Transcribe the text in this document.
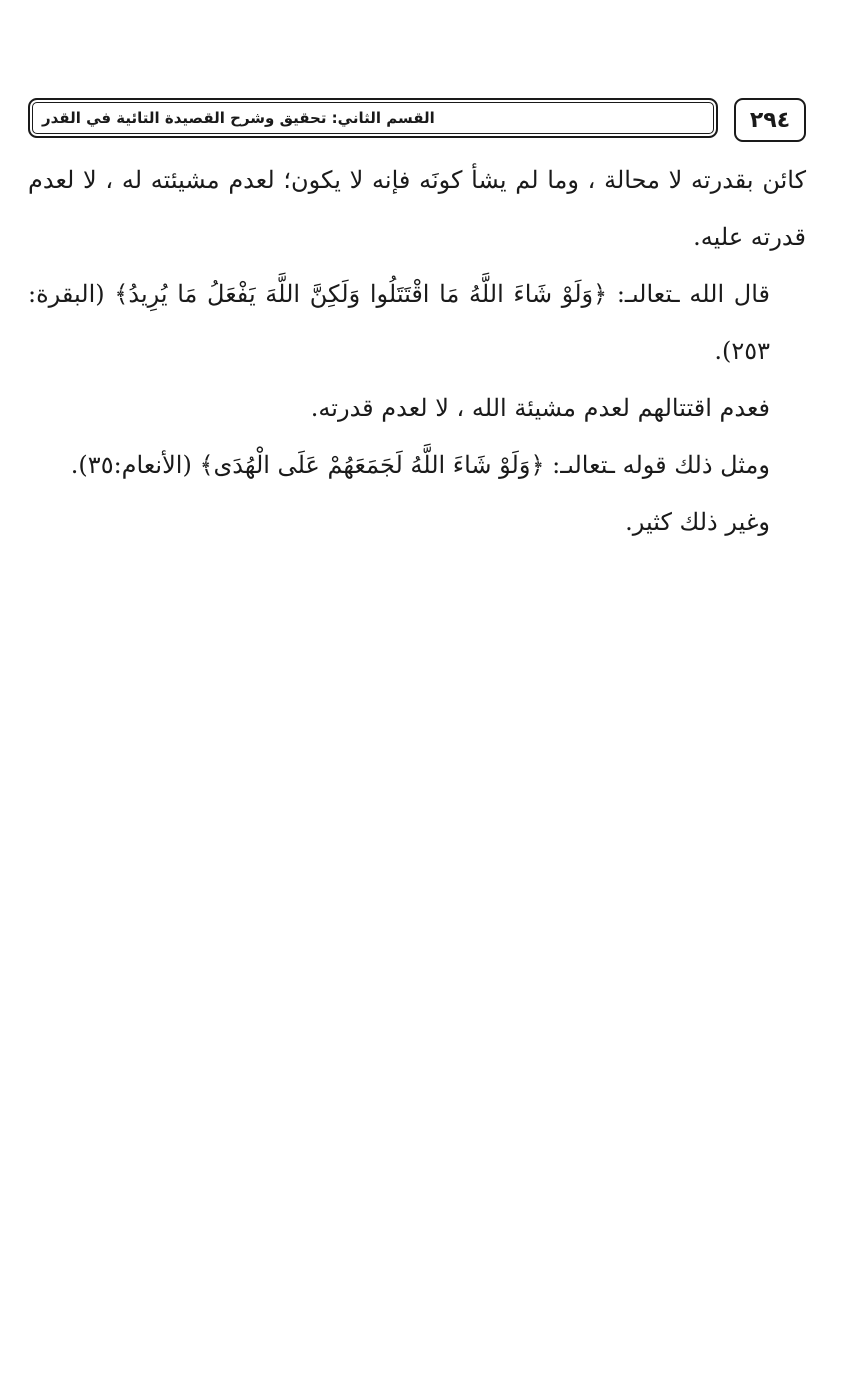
٢٩٤
القسم الثاني: تحقيق وشرح القصيدة التائية في القدر

كائن بقدرته لا محالة ، وما لم يشأ كونَه فإنه لا يكون؛ لعدم مشيئته له ، لا لعدم قدرته عليه.

قال الله ـتعالىـ: ﴿وَلَوْ شَاءَ اللَّهُ مَا اقْتَتَلُوا وَلَكِنَّ اللَّهَ يَفْعَلُ مَا يُرِيدُ﴾ (البقرة: ٢٥٣).

فعدم اقتتالهم لعدم مشيئة الله ، لا لعدم قدرته.

ومثل ذلك قوله ـتعالىـ: ﴿وَلَوْ شَاءَ اللَّهُ لَجَمَعَهُمْ عَلَى الْهُدَى﴾ (الأنعام:٣٥).

وغير ذلك كثير.
